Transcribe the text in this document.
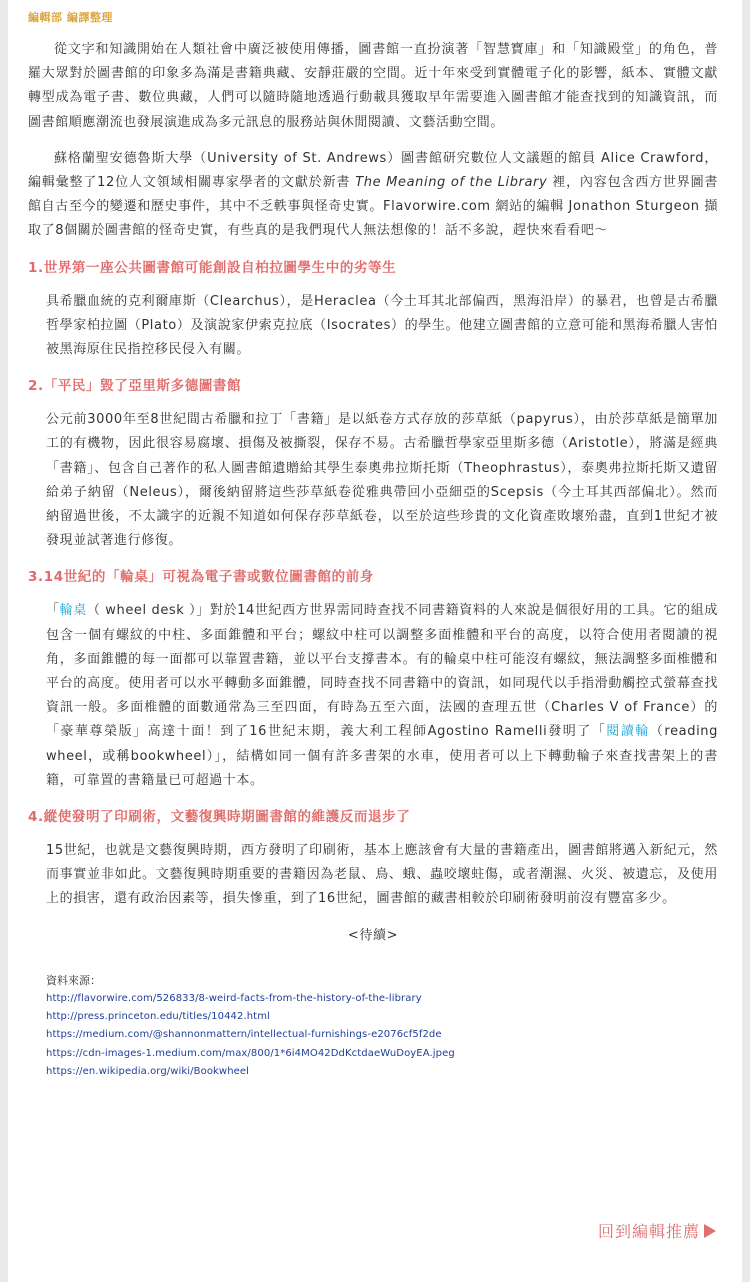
編輯部 編譯整理

從文字和知識開始在人類社會中廣泛被使用傳播，圖書館一直扮演著「智慧寶庫」和「知識殿堂」的角色，普羅大眾對於圖書館的印象多為滿是書籍典藏、安靜莊嚴的空間。近十年來受到實體電子化的影響，紙本、實體文獻轉型成為電子書、數位典藏，人們可以隨時隨地透過行動載具獲取早年需要進入圖書館才能查找到的知識資訊，而圖書館順應潮流也發展演進成為多元訊息的服務站與休閒閱讀、文藝活動空間。

蘇格蘭聖安德魯斯大學（University of St. Andrews）圖書館研究數位人文議題的館員 Alice Crawford，編輯彙整了12位人文領域相關專家學者的文獻於新書 The Meaning of the Library 裡，內容包含西方世界圖書館自古至今的變遷和歷史事件，其中不乏軼事與怪奇史實。Flavorwire.com 網站的編輯 Jonathon Sturgeon 擷取了8個關於圖書館的怪奇史實，有些真的是我們現代人無法想像的！話不多說，趕快來看看吧～

1.世界第一座公共圖書館可能創設自柏拉圖學生中的劣等生

具希臘血統的克利爾庫斯（Clearchus），是Heraclea（今土耳其北部偏西，黑海沿岸）的暴君，也曾是古希臘哲學家柏拉圖（Plato）及演說家伊索克拉底（Isocrates）的學生。他建立圖書館的立意可能和黑海希臘人害怕被黑海原住民指控移民侵入有關。

2.「平民」毀了亞里斯多德圖書館

公元前3000年至8世紀間古希臘和拉丁「書籍」是以紙卷方式存放的莎草紙（papyrus），由於莎草紙是簡單加工的有機物，因此很容易腐壞、損傷及被撕裂，保存不易。古希臘哲學家亞里斯多德（Aristotle），將滿是經典「書籍」、包含自己著作的私人圖書館遺贈給其學生泰奧弗拉斯托斯（Theophrastus），泰奧弗拉斯托斯又遺留給弟子納留（Neleus），爾後納留將這些莎草紙卷從雅典帶回小亞細亞的Scepsis（今土耳其西部偏北）。然而納留過世後，不太識字的近親不知道如何保存莎草紙卷，以至於這些珍貴的文化資產敗壞殆盡，直到1世紀才被發現並試著進行修復。

3.14世紀的「輪桌」可視為電子書或數位圖書館的前身

「輪桌（ wheel desk ）」對於14世紀西方世界需同時查找不同書籍資料的人來說是個很好用的工具。它的組成包含一個有螺紋的中柱、多面錐體和平台；螺紋中柱可以調整多面椎體和平台的高度，以符合使用者閱讀的視角，多面錐體的每一面都可以靠置書籍，並以平台支撐書本。有的輪桌中柱可能沒有螺紋，無法調整多面椎體和平台的高度。使用者可以水平轉動多面錐體，同時查找不同書籍中的資訊，如同現代以手指滑動觸控式螢幕查找資訊一般。多面椎體的面數通常為三至四面，有時為五至六面，法國的查理五世（Charles V of France）的「豪華尊榮版」高達十面！到了16世紀末期，義大利工程師Agostino Ramelli發明了「閱讀輪（reading wheel，或稱bookwheel）」，結構如同一個有許多書架的水車，使用者可以上下轉動輪子來查找書架上的書籍，可靠置的書籍量已可超過十本。

4.縱使發明了印刷術，文藝復興時期圖書館的維護反而退步了

15世紀，也就是文藝復興時期，西方發明了印刷術，基本上應該會有大量的書籍產出，圖書館將邁入新紀元，然而事實並非如此。文藝復興時期重要的書籍因為老鼠、鳥、蛾、蟲咬壞蛀傷，或者潮濕、火災、被遺忘，及使用上的損害，還有政治因素等，損失慘重，到了16世紀，圖書館的藏書相較於印刷術發明前沒有豐富多少。

<待續>

資料來源：
http://flavorwire.com/526833/8-weird-facts-from-the-history-of-the-library
http://press.princeton.edu/titles/10442.html
https://medium.com/@shannonmattern/intellectual-furnishings-e2076cf5f2de
https://cdn-images-1.medium.com/max/800/1*6i4MO42DdKctdaeWuDoyEA.jpeg
https://en.wikipedia.org/wiki/Bookwheel
回到編輯推薦
